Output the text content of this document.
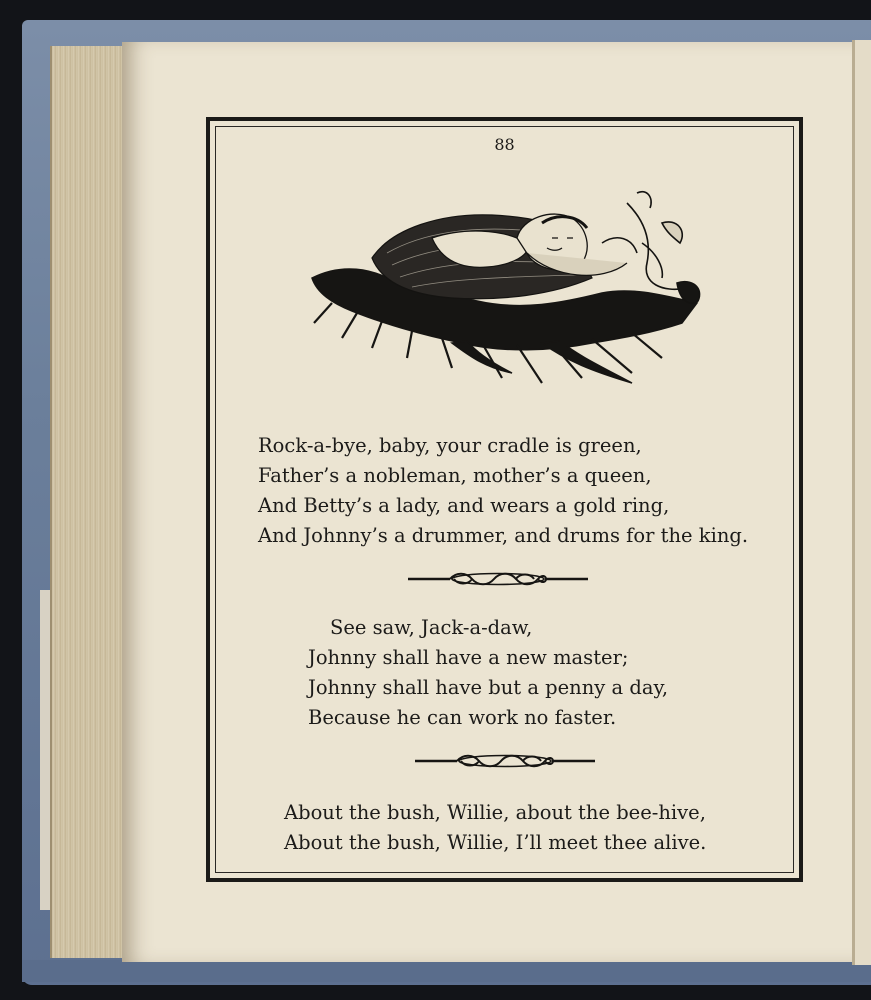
88
Rock-a-bye, baby, your cradle is green,
Father’s a nobleman, mother’s a queen,
And Betty’s a lady, and wears a gold ring,
And Johnny’s a drummer, and drums for the king.
See saw, Jack-a-daw,
Johnny shall have a new master;
Johnny shall have but a penny a day,
Because he can work no faster.
About the bush, Willie, about the bee-hive,
About the bush, Willie, I’ll meet thee alive.
